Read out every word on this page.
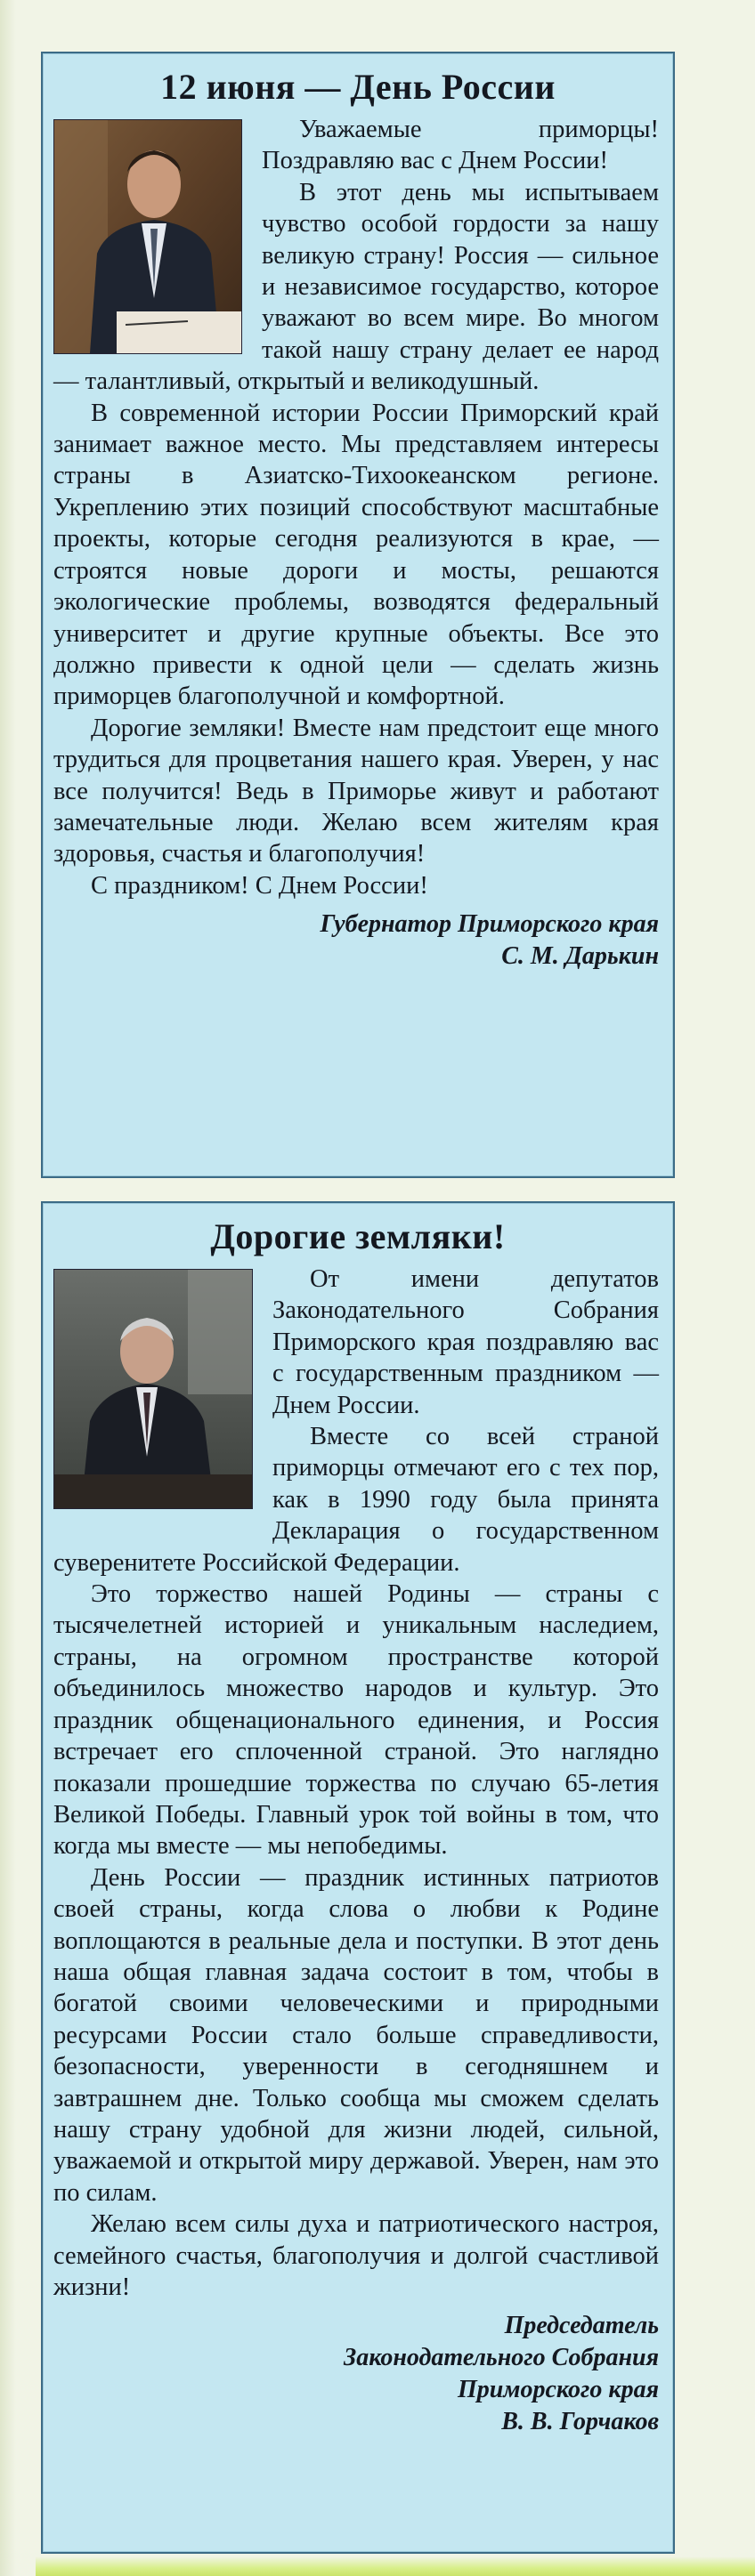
12 июня — День России

Уважаемые приморцы! Поздравляю вас с Днем России!

В этот день мы испытываем чувство особой гордости за нашу великую страну! Россия — сильное и независимое государство, которое уважают во всем мире. Во многом такой нашу страну делает ее народ — талантливый, открытый и великодушный.

В современной истории России Приморский край занимает важное место. Мы представляем интересы страны в Азиатско-Тихоокеанском регионе. Укреплению этих позиций способствуют масштабные проекты, которые сегодня реализуются в крае, — строятся новые дороги и мосты, решаются экологические проблемы, возводятся федеральный университет и другие крупные объекты. Все это должно привести к одной цели — сделать жизнь приморцев благополучной и комфортной.

Дорогие земляки! Вместе нам предстоит еще много трудиться для процветания нашего края. Уверен, у нас все получится! Ведь в Приморье живут и работают замечательные люди. Желаю всем жителям края здоровья, счастья и благополучия!

С праздником! С Днем России!

Губернатор Приморского края
С. М. Дарькин
Дорогие земляки!

От имени депутатов Законодательного Собрания Приморского края поздравляю вас с государственным праздником — Днем России.

Вместе со всей страной приморцы отмечают его с тех пор, как в 1990 году была принята Декларация о государственном суверенитете Российской Федерации.

Это торжество нашей Родины — страны с тысячелетней историей и уникальным наследием, страны, на огромном пространстве которой объединилось множество народов и культур. Это праздник общенационального единения, и Россия встречает его сплоченной страной. Это наглядно показали прошедшие торжества по случаю 65-летия Великой Победы. Главный урок той войны в том, что когда мы вместе — мы непобедимы.

День России — праздник истинных патриотов своей страны, когда слова о любви к Родине воплощаются в реальные дела и поступки. В этот день наша общая главная задача состоит в том, чтобы в богатой своими человеческими и природными ресурсами России стало больше справедливости, безопасности, уверенности в сегодняшнем и завтрашнем дне. Только сообща мы сможем сделать нашу страну удобной для жизни людей, сильной, уважаемой и открытой миру державой. Уверен, нам это по силам.

Желаю всем силы духа и патриотического настроя, семейного счастья, благополучия и долгой счастливой жизни!

Председатель
Законодательного Собрания
Приморского края
В. В. Горчаков
